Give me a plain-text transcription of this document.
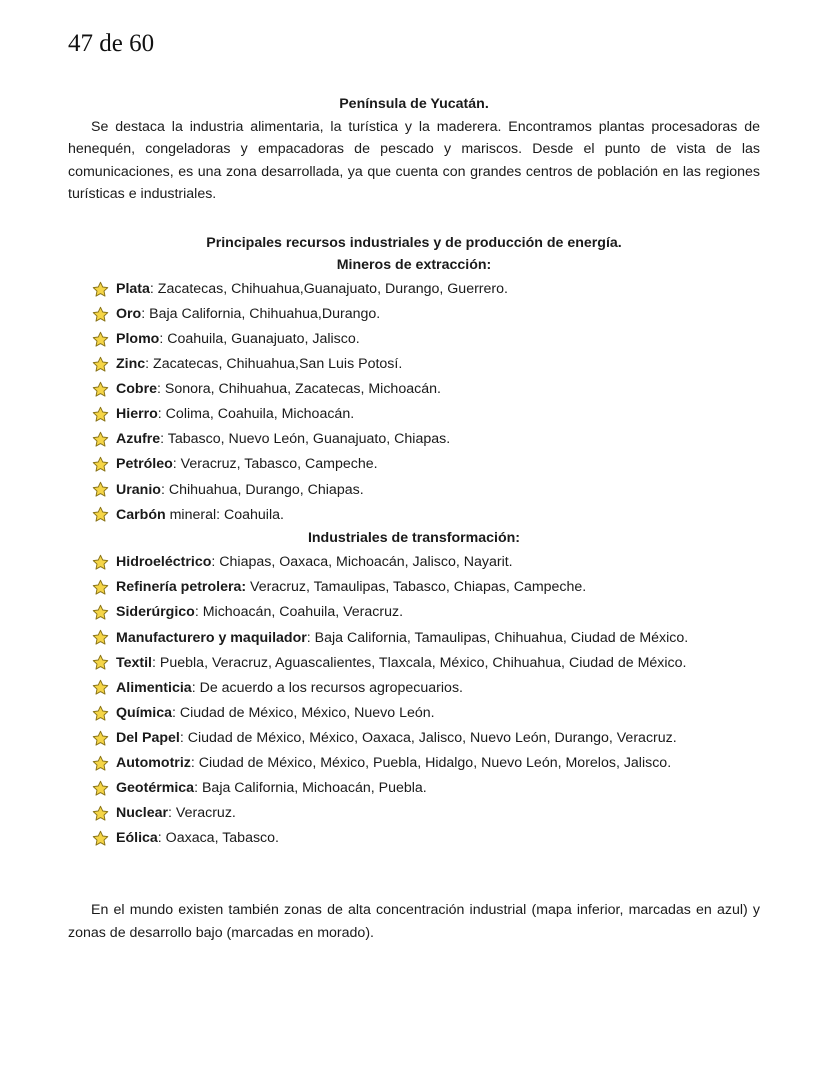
47 de 60
Península de Yucatán.

Se destaca la industria alimentaria, la turística y la maderera. Encontramos plantas procesadoras de henequén, congeladoras y empacadoras de pescado y mariscos. Desde el punto de vista de las comunicaciones, es una zona desarrollada, ya que cuenta con grandes centros de población en las regiones turísticas e industriales.

Principales recursos industriales y de producción de energía.
Mineros de extracción:
Plata : Zacatecas, Chihuahua,Guanajuato, Durango, Guerrero.
Oro : Baja California, Chihuahua,Durango.
Plomo : Coahuila, Guanajuato, Jalisco.
Zinc : Zacatecas, Chihuahua,San Luis Potosí.
Cobre : Sonora, Chihuahua, Zacatecas, Michoacán.
Hierro : Colima, Coahuila, Michoacán.
Azufre : Tabasco, Nuevo León, Guanajuato, Chiapas.
Petróleo : Veracruz, Tabasco, Campeche.
Uranio : Chihuahua, Durango, Chiapas.
Carbón mineral: Coahuila.
Industriales de transformación:
Hidroeléctrico : Chiapas, Oaxaca, Michoacán, Jalisco, Nayarit.
Refinería petrolera: Veracruz, Tamaulipas, Tabasco, Chiapas, Campeche.
Siderúrgico : Michoacán, Coahuila, Veracruz.
Manufacturero y maquilador : Baja California, Tamaulipas, Chihuahua, Ciudad de México.
Textil : Puebla, Veracruz, Aguascalientes, Tlaxcala, México, Chihuahua, Ciudad de México.
Alimenticia : De acuerdo a los recursos agropecuarios.
Química : Ciudad de México, México, Nuevo León.
Del Papel : Ciudad de México, México, Oaxaca, Jalisco, Nuevo León, Durango, Veracruz.
Automotriz : Ciudad de México, México, Puebla, Hidalgo, Nuevo León, Morelos, Jalisco.
Geotérmica : Baja California, Michoacán, Puebla.
Nuclear : Veracruz.
Eólica : Oaxaca, Tabasco.

En el mundo existen también zonas de alta concentración industrial (mapa inferior, marcadas en azul) y zonas de desarrollo bajo (marcadas en morado).
